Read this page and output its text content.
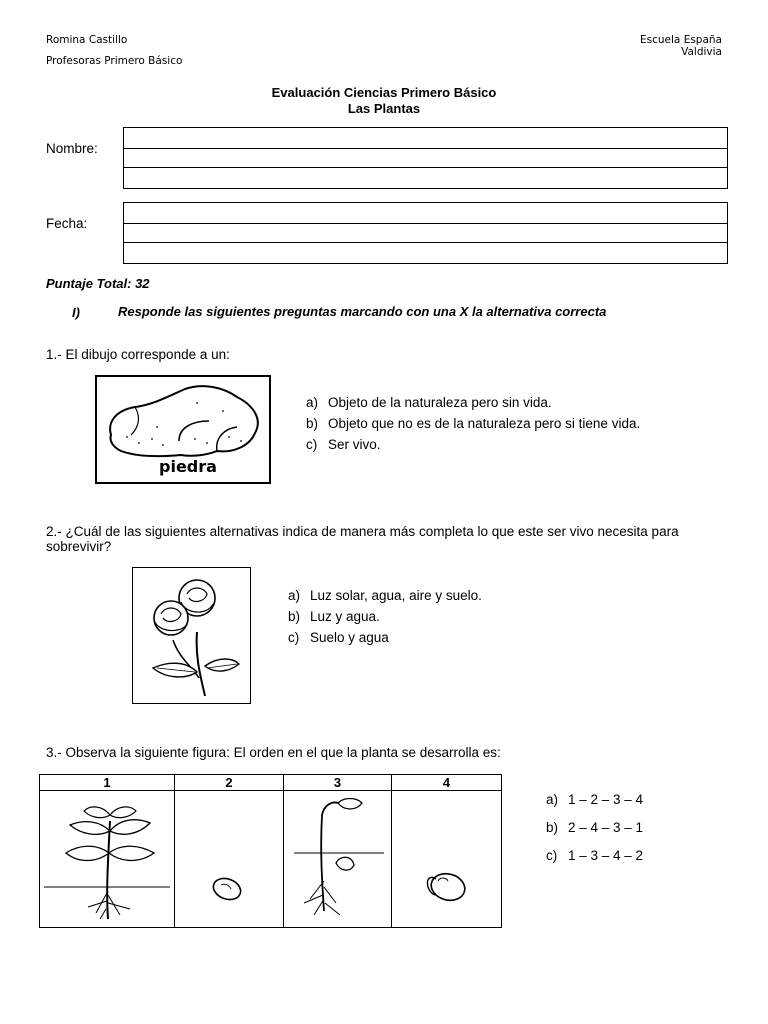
Romina Castillo
Profesoras Primero Básico
Escuela España
Valdivia
Evaluación Ciencias Primero Básico
Las Plantas
Nombre:
Fecha:
Puntaje Total: 32
I)	Responde las siguientes preguntas marcando con una X la alternativa correcta
1.- El dibujo corresponde a un:
piedra
a) Objeto de la naturaleza pero sin vida.
b) Objeto que no es de la naturaleza pero si tiene vida.
c) Ser vivo.
2.- ¿Cuál de las siguientes alternativas indica de manera más completa lo que este ser vivo necesita para sobrevivir?
a) Luz solar, agua, aire y suelo.
b) Luz y agua.
c) Suelo y agua
3.- Observa la siguiente figura: El orden en el que la planta se desarrolla es:
1	2	3	4

a) 1 – 2 – 3 – 4
b) 2 – 4 – 3 – 1
c) 1 – 3 – 4 – 2
